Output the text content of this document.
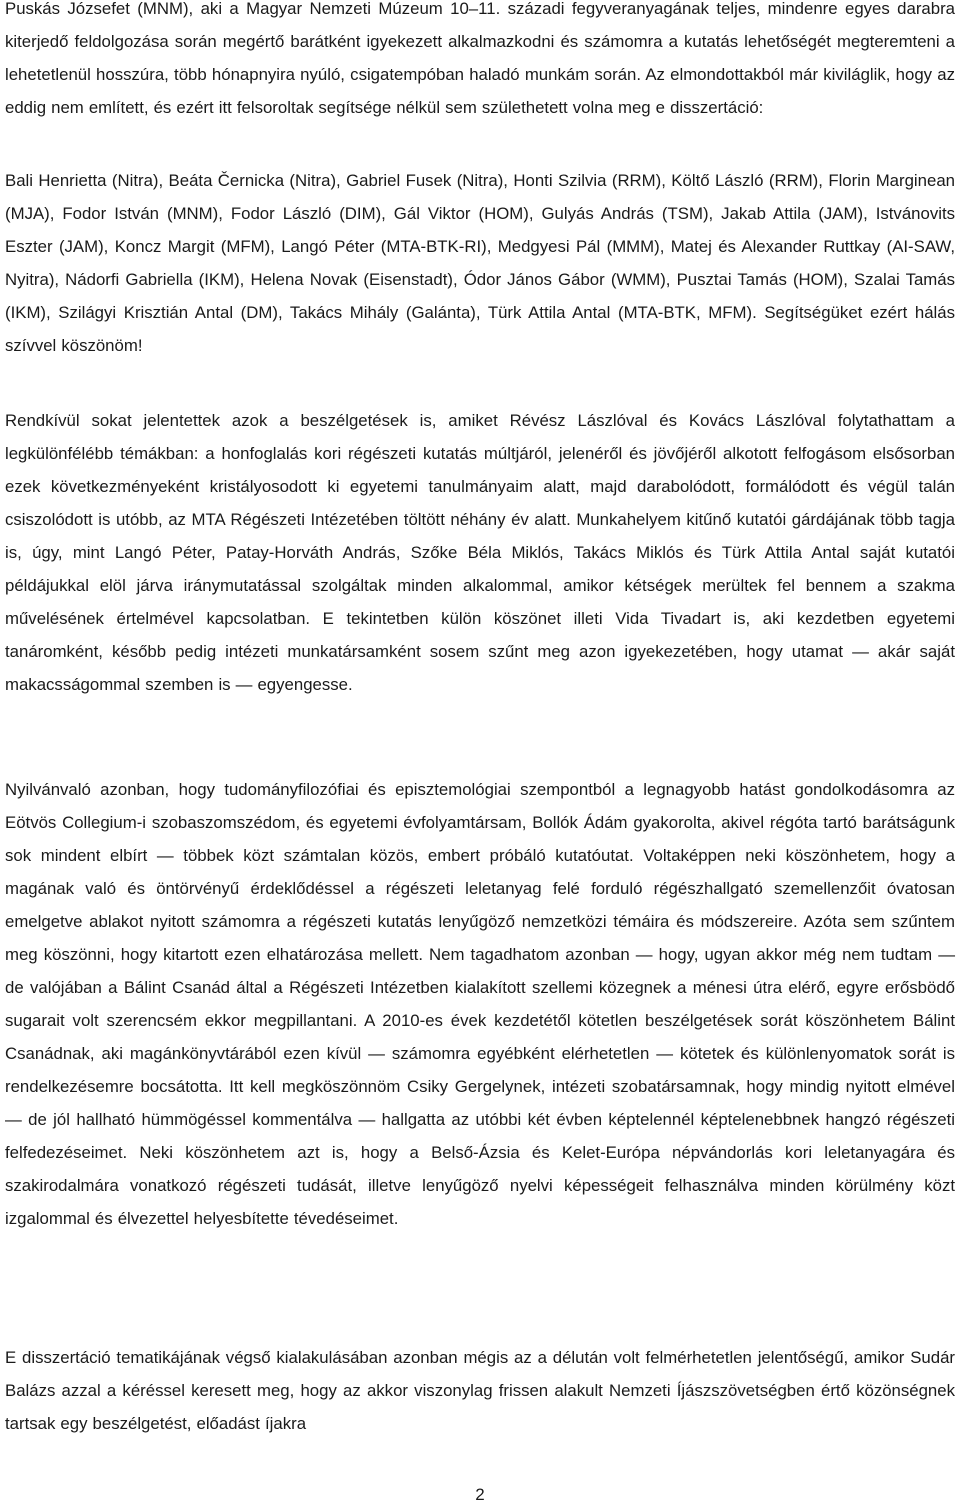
Puskás Józsefet (MNM), aki a Magyar Nemzeti Múzeum 10–11. századi fegyveranyagának teljes, mindenre egyes darabra kiterjedő feldolgozása során megértő barátként igyekezett alkalmazkodni és számomra a kutatás lehetőségét megteremteni a lehetetlenül hosszúra, több hónapnyira nyúló, csigatempóban haladó munkám során. Az elmondottakból már kiviláglik, hogy az eddig nem említett, és ezért itt felsoroltak segítsége nélkül sem születhetett volna meg e disszertáció:

Bali Henrietta (Nitra), Beáta Černicka (Nitra), Gabriel Fusek (Nitra), Honti Szilvia (RRM), Költő László (RRM), Florin Marginean (MJA), Fodor István (MNM), Fodor László (DIM), Gál Viktor (HOM), Gulyás András (TSM), Jakab Attila (JAM), Istvánovits Eszter (JAM), Koncz Margit (MFM), Langó Péter (MTA-BTK-RI), Medgyesi Pál (MMM), Matej és Alexander Ruttkay (AI-SAW, Nyitra), Nádorfi Gabriella (IKM), Helena Novak (Eisenstadt), Ódor János Gábor (WMM), Pusztai Tamás (HOM), Szalai Tamás (IKM), Szilágyi Krisztián Antal (DM), Takács Mihály (Galánta), Türk Attila Antal (MTA-BTK, MFM). Segítségüket ezért hálás szívvel köszönöm!

Rendkívül sokat jelentettek azok a beszélgetések is, amiket Révész Lászlóval és Kovács Lászlóval folytathattam a legkülönfélébb témákban: a honfoglalás kori régészeti kutatás múltjáról, jelenéről és jövőjéről alkotott felfogásom elsősorban ezek következményeként kristályosodott ki egyetemi tanulmányaim alatt, majd darabolódott, formálódott és végül talán csiszolódott is utóbb, az MTA Régészeti Intézetében töltött néhány év alatt. Munkahelyem kitűnő kutatói gárdájának több tagja is, úgy, mint Langó Péter, Patay-Horváth András, Szőke Béla Miklós, Takács Miklós és Türk Attila Antal saját kutatói példájukkal elöl járva iránymutatással szolgáltak minden alkalommal, amikor kétségek merültek fel bennem a szakma művelésének értelmével kapcsolatban. E tekintetben külön köszönet illeti Vida Tivadart is, aki kezdetben egyetemi tanáromként, később pedig intézeti munkatársamként sosem szűnt meg azon igyekezetében, hogy utamat — akár saját makacsságommal szemben is — egyengesse.

Nyilvánvaló azonban, hogy tudományfilozófiai és episztemológiai szempontból a legnagyobb hatást gondolkodásomra az Eötvös Collegium-i szobaszomszédom, és egyetemi évfolyamtársam, Bollók Ádám gyakorolta, akivel régóta tartó barátságunk sok mindent elbírt — többek közt számtalan közös, embert próbáló kutatóutat. Voltaképpen neki köszönhetem, hogy a magának való és öntörvényű érdeklődéssel a régészeti leletanyag felé forduló régészhallgató szemellenzőit óvatosan emelgetve ablakot nyitott számomra a régészeti kutatás lenyűgöző nemzetközi témáira és módszereire. Azóta sem szűntem meg köszönni, hogy kitartott ezen elhatározása mellett. Nem tagadhatom azonban — hogy, ugyan akkor még nem tudtam — de valójában a Bálint Csanád által a Régészeti Intézetben kialakított szellemi közegnek a ménesi útra elérő, egyre erősbödő sugarait volt szerencsém ekkor megpillantani. A 2010-es évek kezdetétől kötetlen beszélgetések sorát köszönhetem Bálint Csanádnak, aki magánkönyvtárából ezen kívül — számomra egyébként elérhetetlen — kötetek és különlenyomatok sorát is rendelkezésemre bocsátotta. Itt kell megköszönnöm Csiky Gergelynek, intézeti szobatársamnak, hogy mindig nyitott elmével — de jól hallható hümmögéssel kommentálva — hallgatta az utóbbi két évben képtelennél képtelenebbnek hangzó régészeti felfedezéseimet. Neki köszönhetem azt is, hogy a Belső-Ázsia és Kelet-Európa népvándorlás kori leletanyagára és szakirodalmára vonatkozó régészeti tudását, illetve lenyűgöző nyelvi képességeit felhasználva minden körülmény közt izgalommal és élvezettel helyesbítette tévedéseimet.

E disszertáció tematikájának végső kialakulásában azonban mégis az a délután volt felmérhetetlen jelentőségű, amikor Sudár Balázs azzal a kéréssel keresett meg, hogy az akkor viszonylag frissen alakult Nemzeti Íjászszövetségben értő közönségnek tartsak egy beszélgetést, előadást íjakra

2
